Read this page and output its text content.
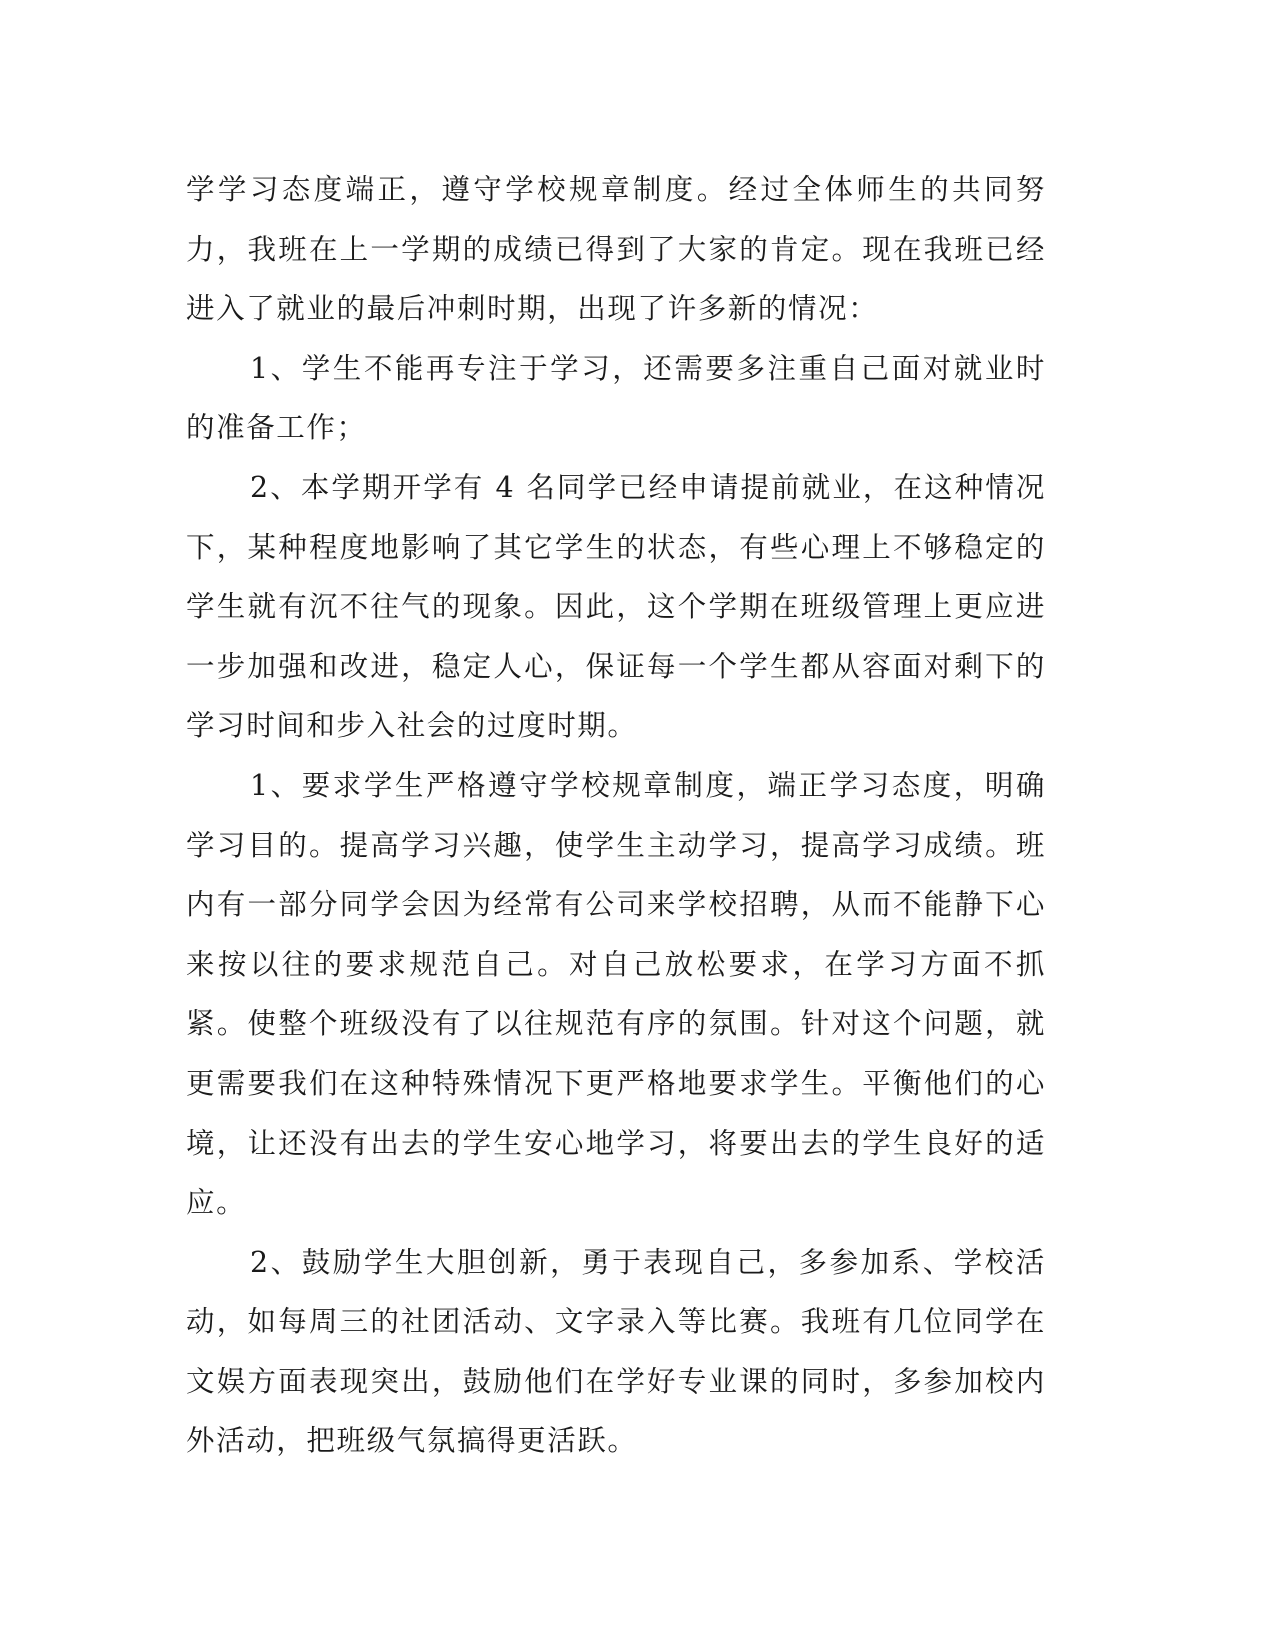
学学习态度端正，遵守学校规章制度。经过全体师生的共同努力，我班在上一学期的成绩已得到了大家的肯定。现在我班已经进入了就业的最后冲刺时期，出现了许多新的情况：

1、学生不能再专注于学习，还需要多注重自己面对就业时的准备工作；

2、本学期开学有 4 名同学已经申请提前就业，在这种情况下，某种程度地影响了其它学生的状态，有些心理上不够稳定的学生就有沉不往气的现象。因此，这个学期在班级管理上更应进一步加强和改进，稳定人心，保证每一个学生都从容面对剩下的学习时间和步入社会的过度时期。

1、要求学生严格遵守学校规章制度，端正学习态度，明确学习目的。提高学习兴趣，使学生主动学习，提高学习成绩。班内有一部分同学会因为经常有公司来学校招聘，从而不能静下心来按以往的要求规范自己。对自己放松要求，在学习方面不抓紧。使整个班级没有了以往规范有序的氛围。针对这个问题，就更需要我们在这种特殊情况下更严格地要求学生。平衡他们的心境，让还没有出去的学生安心地学习，将要出去的学生良好的适应。

2、鼓励学生大胆创新，勇于表现自己，多参加系、学校活动，如每周三的社团活动、文字录入等比赛。我班有几位同学在文娱方面表现突出，鼓励他们在学好专业课的同时，多参加校内外活动，把班级气氛搞得更活跃。
